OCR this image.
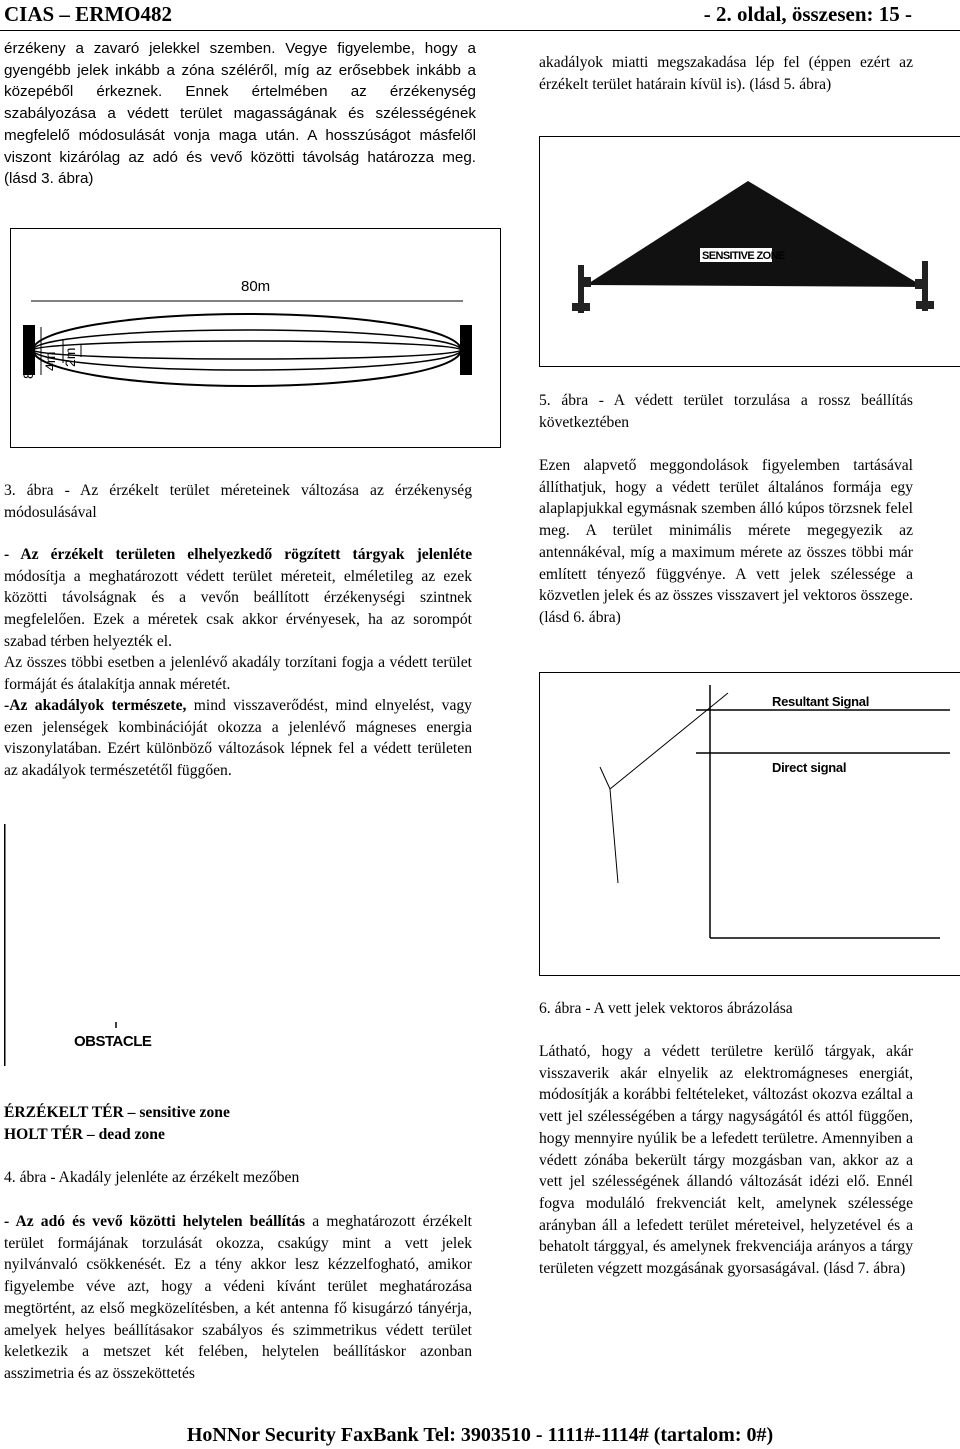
CIAS – ERMO482	- 2. oldal, összesen: 15 -
érzékeny a zavaró jelekkel szemben. Vegye figyelembe, hogy a gyengébb jelek inkább a zóna széléről, míg az erősebbek inkább a közepéből érkeznek. Ennek értelmében az érzékenység szabályozása a védett terület magasságának és szélességének megfelelő módosulását vonja maga után. A hosszúságot másfelől viszont kizárólag az adó és vevő közötti távolság határozza meg. (lásd 3. ábra)
80m
8m 4m 2m
3. ábra - Az érzékelt terület méreteinek változása az érzékenység módosulásával
- Az érzékelt területen elhelyezkedő rögzített tárgyak jelenléte módosítja a meghatározott védett terület méreteit, elméletileg az ezek közötti távolságnak és a vevőn beállított érzékenységi szintnek megfelelően. Ezek a méretek csak akkor érvényesek, ha az sorompót szabad térben helyezték el.
Az összes többi esetben a jelenlévő akadály torzítani fogja a védett terület formáját és átalakítja annak méretét.
-Az akadályok természete, mind visszaverődést, mind elnyelést, vagy ezen jelenségek kombinációját okozza a jelenlévő mágneses energia viszonylatában. Ezért különböző változások lépnek fel a védett területen az akadályok természetétől függően.
OBSTACLE
ÉRZÉKELT TÉR – sensitive zone
HOLT TÉR – dead zone
4. ábra - Akadály jelenléte az érzékelt mezőben
- Az adó és vevő közötti helytelen beállítás a meghatározott érzékelt terület formájának torzulását okozza, csakúgy mint a vett jelek nyilvánvaló csökkenését. Ez a tény akkor lesz kézzelfogható, amikor figyelembe véve azt, hogy a védeni kívánt terület meghatározása megtörtént, az első megközelítésben, a két antenna fő kisugárzó tányérja, amelyek helyes beállításakor szabályos és szimmetrikus védett terület keletkezik a metszet két felében, helytelen beállításkor azonban asszimetria és az összeköttetés
akadályok miatti megszakadása lép fel (éppen ezért az érzékelt terület határain kívül is). (lásd 5. ábra)
SENSITIVE ZONE
5. ábra - A védett terület torzulása a rossz beállítás következtében
Ezen alapvető meggondolások figyelemben tartásával állíthatjuk, hogy a védett terület általános formája egy alaplapjukkal egymásnak szemben álló kúpos törzsnek felel meg. A terület minimális mérete megegyezik az antennákéval, míg a maximum mérete az összes többi már említett tényező függvénye. A vett jelek szélessége a közvetlen jelek és az összes visszavert jel vektoros összege. (lásd 6. ábra)
Resultant Signal
Direct signal
6. ábra - A vett jelek vektoros ábrázolása
Látható, hogy a védett területre kerülő tárgyak, akár visszaverik akár elnyelik az elektromágneses energiát, módosítják a korábbi feltételeket, változást okozva ezáltal a vett jel szélességében a tárgy nagyságától és attól függően, hogy mennyire nyúlik be a lefedett területre. Amennyiben a védett zónába bekerült tárgy mozgásban van, akkor az a vett jel szélességének állandó változását idézi elő. Ennél fogva moduláló frekvenciát kelt, amelynek szélessége arányban áll a lefedett terület méreteivel, helyzetével és a behatolt tárggyal, és amelynek frekvenciája arányos a tárgy területen végzett mozgásának gyorsaságával. (lásd 7. ábra)
HoNNor Security FaxBank Tel: 3903510 - 1111#-1114# (tartalom: 0#)
